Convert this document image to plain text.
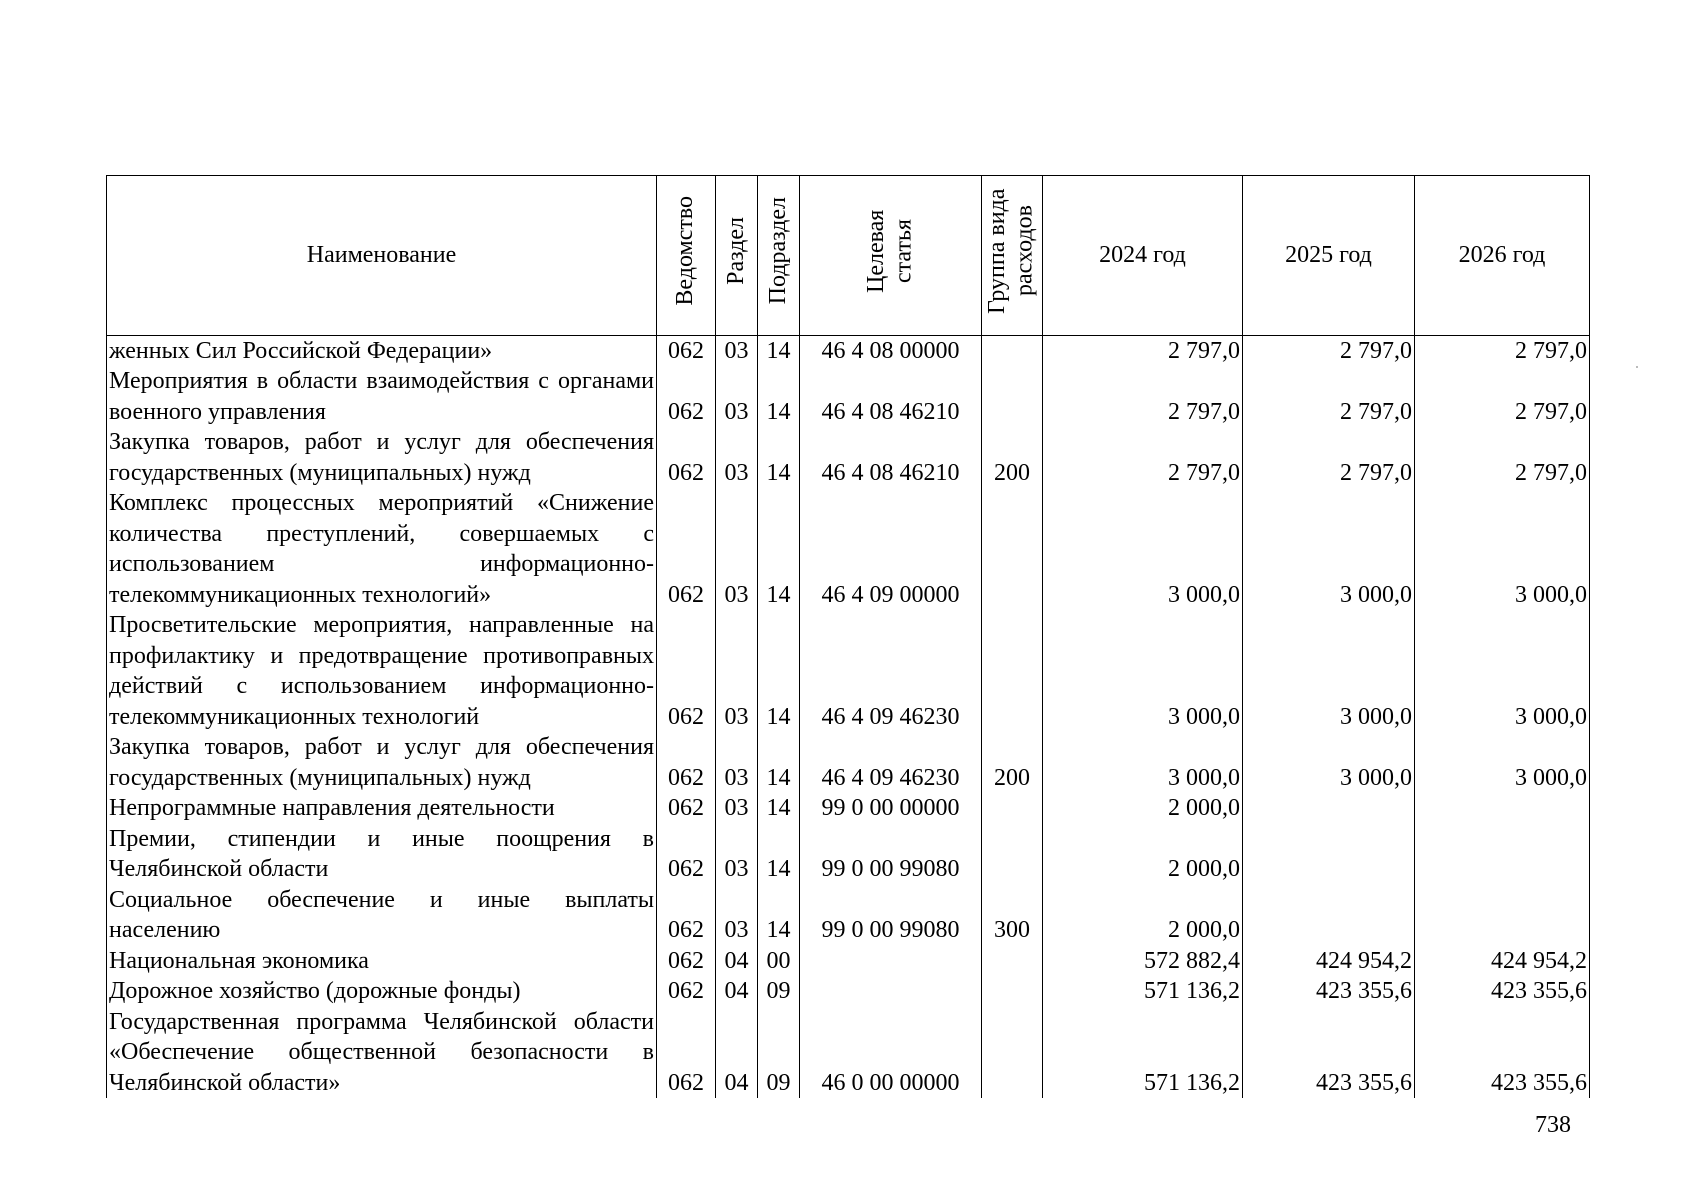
Наименование	Ведомство	Раздел	Подраздел	Целевая статья	Группа вида расходов	2024 год	2025 год	2026 год
женных Сил Российской Федерации»	062	03	14	46 4 08 00000		2 797,0	2 797,0	2 797,0
Мероприятия в области взаимодействия с органами военного управления	062	03	14	46 4 08 46210		2 797,0	2 797,0	2 797,0
Закупка товаров, работ и услуг для обеспечения государственных (муниципальных) нужд	062	03	14	46 4 08 46210	200	2 797,0	2 797,0	2 797,0
Комплекс процессных мероприятий «Снижение количества преступлений, совершаемых с использованием информационно-телекоммуникационных технологий»	062	03	14	46 4 09 00000		3 000,0	3 000,0	3 000,0
Просветительские мероприятия, направленные на профилактику и предотвращение противоправных действий с использованием информационно-телекоммуникационных технологий	062	03	14	46 4 09 46230		3 000,0	3 000,0	3 000,0
Закупка товаров, работ и услуг для обеспечения государственных (муниципальных) нужд	062	03	14	46 4 09 46230	200	3 000,0	3 000,0	3 000,0
Непрограммные направления деятельности	062	03	14	99 0 00 00000		2 000,0		
Премии, стипендии и иные поощрения в Челябинской области	062	03	14	99 0 00 99080		2 000,0		
Социальное обеспечение и иные выплаты населению	062	03	14	99 0 00 99080	300	2 000,0		
Национальная экономика	062	04	00			572 882,4	424 954,2	424 954,2
Дорожное хозяйство (дорожные фонды)	062	04	09			571 136,2	423 355,6	423 355,6
Государственная программа Челябинской области «Обеспечение общественной безопасности в Челябинской области»	062	04	09	46 0 00 00000		571 136,2	423 355,6	423 355,6
738
